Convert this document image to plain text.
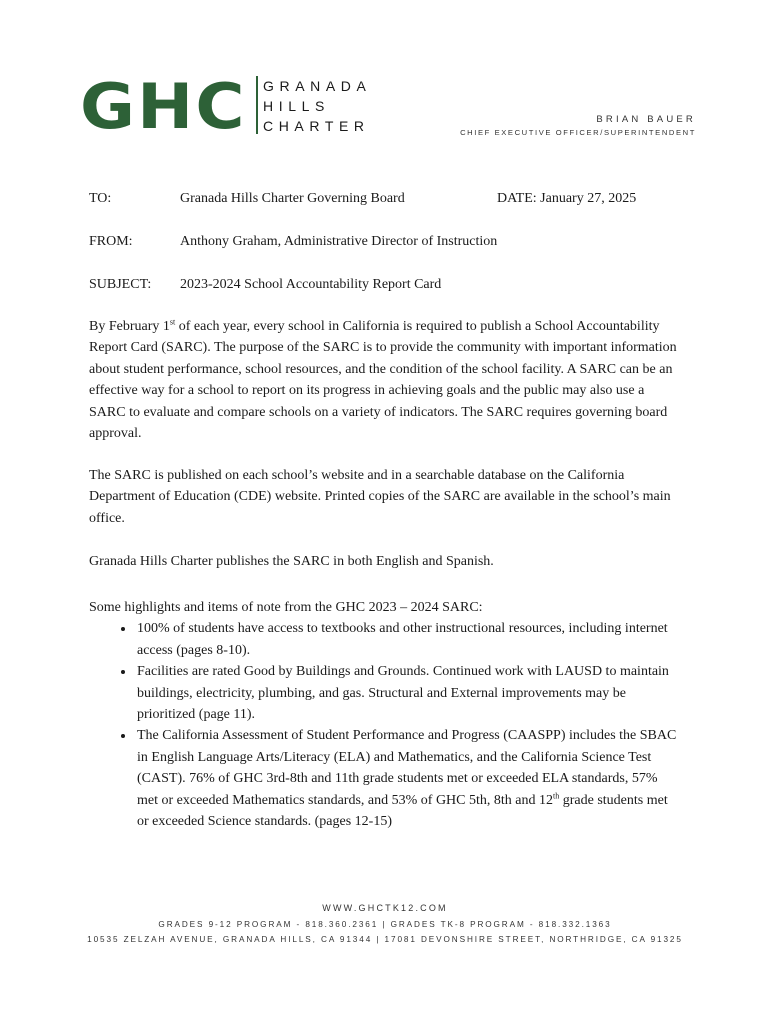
GHC GRANADA
HILLS
CHARTER	BRIAN BAUER
CHIEF EXECUTIVE OFFICER/SUPERINTENDENT
TO:	Granada Hills Charter Governing Board	DATE: January 27, 2025
FROM:	Anthony Graham, Administrative Director of Instruction
SUBJECT: 2023-2024 School Accountability Report Card

By February 1st of each year, every school in California is required to publish a School Accountability Report Card (SARC). The purpose of the SARC is to provide the community with important information about student performance, school resources, and the condition of the school facility. A SARC can be an effective way for a school to report on its progress in achieving goals and the public may also use a SARC to evaluate and compare schools on a variety of indicators. The SARC requires governing board approval.

The SARC is published on each school’s website and in a searchable database on the California Department of Education (CDE) website. Printed copies of the SARC are available in the school’s main office.

Granada Hills Charter publishes the SARC in both English and Spanish.

Some highlights and items of note from the GHC 2023 – 2024 SARC:
• 100% of students have access to textbooks and other instructional resources, including internet access (pages 8-10).
• Facilities are rated Good by Buildings and Grounds. Continued work with LAUSD to maintain buildings, electricity, plumbing, and gas. Structural and External improvements may be prioritized (page 11).
• The California Assessment of Student Performance and Progress (CAASPP) includes the SBAC in English Language Arts/Literacy (ELA) and Mathematics, and the California Science Test (CAST). 76% of GHC 3rd-8th and 11th grade students met or exceeded ELA standards, 57% met or exceeded Mathematics standards, and 53% of GHC 5th, 8th and 12th grade students met or exceeded Science standards. (pages 12-15)
WWW.GHCTK12.COM
GRADES 9-12 PROGRAM - 818.360.2361 | GRADES TK-8 PROGRAM - 818.332.1363
10535 ZELZAH AVENUE, GRANADA HILLS, CA 91344 | 17081 DEVONSHIRE STREET, NORTHRIDGE, CA 91325
